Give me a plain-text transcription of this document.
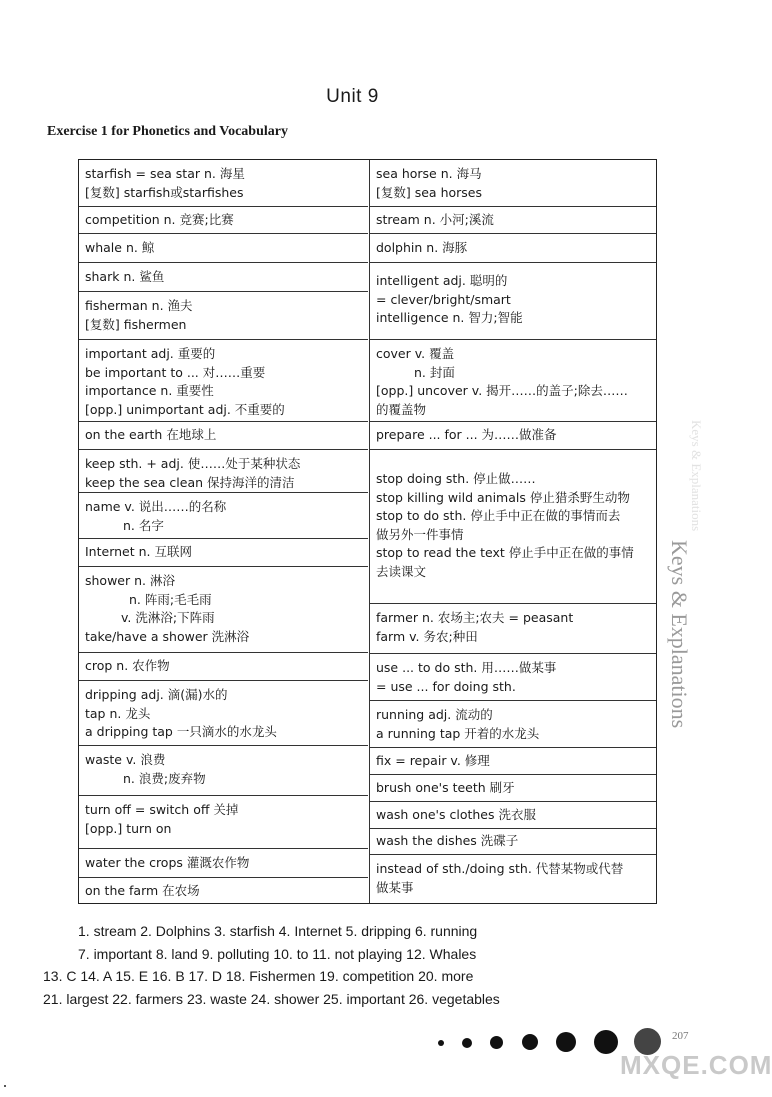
Unit 9
Exercise 1 for Phonetics and Vocabulary
starfish = sea star n. 海星
[复数] starfish或starfishes
competition n. 竞赛;比赛
whale n. 鲸
shark n. 鲨鱼
fisherman n. 渔夫
[复数] fishermen
important adj. 重要的
be important to ... 对……重要
importance n. 重要性
[opp.] unimportant adj. 不重要的
on the earth 在地球上
keep sth. + adj. 使……处于某种状态
keep the sea clean 保持海洋的清洁
name v. 说出……的名称
n. 名字
Internet n. 互联网
shower n. 淋浴
n. 阵雨;毛毛雨
v. 洗淋浴;下阵雨
take/have a shower 洗淋浴
crop n. 农作物
dripping adj. 滴(漏)水的
tap n. 龙头
a dripping tap 一只滴水的水龙头
waste v. 浪费
n. 浪费;废弃物
turn off = switch off 关掉
[opp.] turn on
water the crops 灌溉农作物
on the farm 在农场
sea horse n. 海马
[复数] sea horses
stream n. 小河;溪流
dolphin n. 海豚
intelligent adj. 聪明的
= clever/bright/smart
intelligence n. 智力;智能
cover v. 覆盖
n. 封面
[opp.] uncover v. 揭开……的盖子;除去……
的覆盖物
prepare ... for ... 为……做准备
stop doing sth. 停止做……
stop killing wild animals 停止猎杀野生动物
stop to do sth. 停止手中正在做的事情而去
做另外一件事情
stop to read the text 停止手中正在做的事情
去读课文
farmer n. 农场主;农夫 = peasant
farm v. 务农;种田
use ... to do sth. 用……做某事
= use ... for doing sth.
running adj. 流动的
a running tap 开着的水龙头
fix = repair v. 修理
brush one's teeth 刷牙
wash one's clothes 洗衣服
wash the dishes 洗碟子
instead of sth./doing sth. 代替某物或代替
做某事
1. stream 2. Dolphins 3. starfish 4. Internet 5. dripping 6. running
7. important 8. land 9. polluting 10. to 11. not playing 12. Whales
13. C 14. A 15. E 16. B 17. D 18. Fishermen 19. competition 20. more
21. largest 22. farmers 23. waste 24. shower 25. important 26. vegetables
Keys & Explanations
Keys & Explanations
207
MXQE.COM
